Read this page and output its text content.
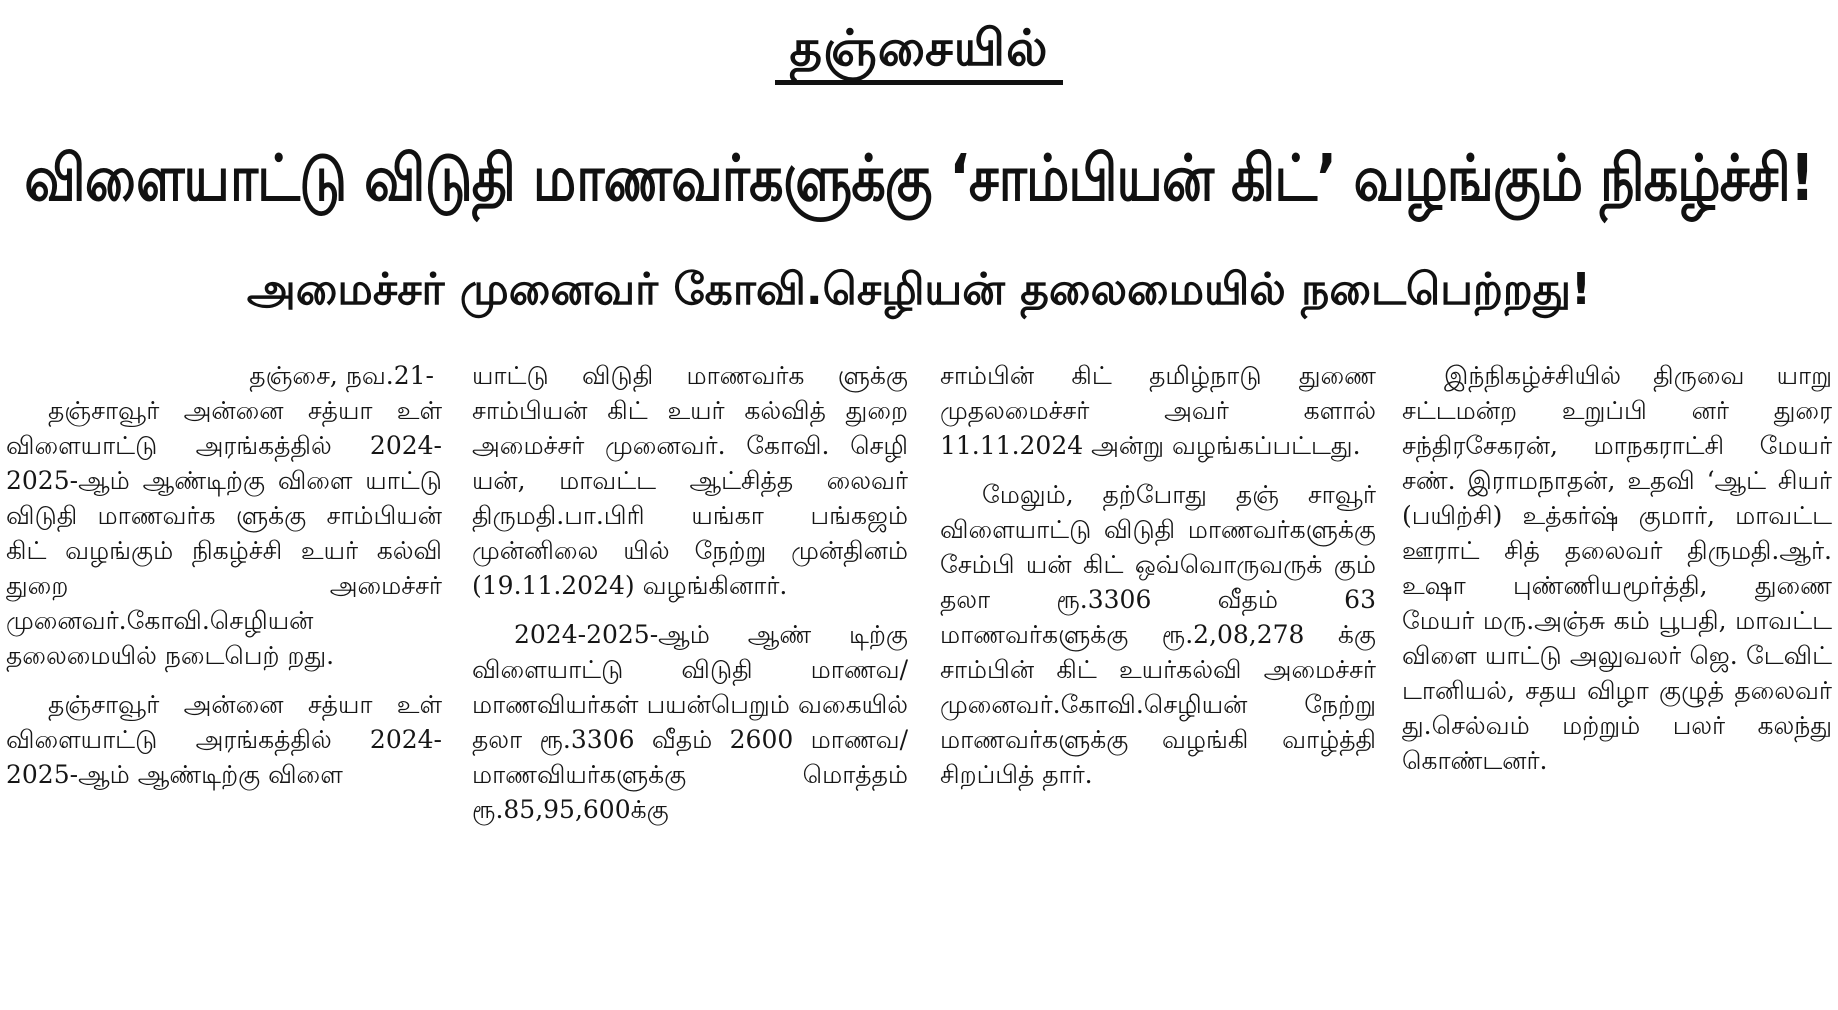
தஞ்சையில்
விளையாட்டு விடுதி மாணவர்களுக்கு ‘சாம்பியன் கிட்’ வழங்கும் நிகழ்ச்சி!
அமைச்சர் முனைவர் கோவி.செழியன் தலைமையில் நடைபெற்றது!

தஞ்சை, நவ.21-

தஞ்சாவூர் அன்னை சத்யா உள் விளையாட்டு அரங்கத்தில் 2024-2025-ஆம் ஆண்டிற்கு விளை யாட்டு விடுதி மாணவர்க ளுக்கு சாம்பியன் கிட் வழங்கும் நிகழ்ச்சி உயர் கல்வி துறை அமைச்சர் முனைவர்.கோவி.செழியன் தலைமையில் நடைபெற் றது.

தஞ்சாவூர் அன்னை சத்யா உள் விளையாட்டு அரங்கத்தில் 2024-2025-ஆம் ஆண்டிற்கு விளை

யாட்டு விடுதி மாணவர்க ளுக்கு சாம்பியன் கிட் உயர் கல்வித் துறை அமைச்சர் முனைவர். கோவி. செழி யன், மாவட்ட ஆட்சித்த லைவர் திருமதி.பா.பிரி யங்கா பங்கஜம் முன்னிலை யில் நேற்று முன்தினம் (19.11.2024) வழங்கினார்.

2024-2025-ஆம் ஆண் டிற்கு விளையாட்டு விடுதி மாணவ/மாணவியர்கள் பயன்பெறும் வகையில் தலா ரூ.3306 வீதம் 2600 மாணவ/ மாணவியர்களுக்கு மொத்தம் ரூ.85,95,600க்கு

சாம்பின் கிட் தமிழ்நாடு துணை முதலமைச்சர் அவர் களால் 11.11.2024 அன்று வழங்கப்பட்டது.

மேலும், தற்போது தஞ் சாவூர் விளையாட்டு விடுதி மாணவர்களுக்கு சேம்பி யன் கிட் ஒவ்வொருவருக் கும் தலா ரூ.3306 வீதம் 63 மாணவர்களுக்கு ரூ.2,08,278 க்கு சாம்பின் கிட் உயர்கல்வி அமைச்சர் முனைவர்.கோவி.செழியன் நேற்று மாணவர்களுக்கு வழங்கி வாழ்த்தி சிறப்பித் தார்.

இந்நிகழ்ச்சியில் திருவை யாறு சட்டமன்ற உறுப்பி னர் துரை சந்திரசேகரன், மாநகராட்சி மேயர் சண். இராமநாதன், உதவி ‘ஆட் சியர் (பயிற்சி) உத்கர்ஷ் குமார், மாவட்ட ஊராட் சித் தலைவர் திருமதி.ஆர். உஷா புண்ணியமூர்த்தி, துணை மேயர் மரு.அஞ்சு கம் பூபதி, மாவட்ட விளை யாட்டு அலுவலர் ஜெ. டேவிட் டானியல், சதய விழா குழுத் தலைவர் து.செல்வம் மற்றும் பலர் கலந்து கொண்டனர்.
